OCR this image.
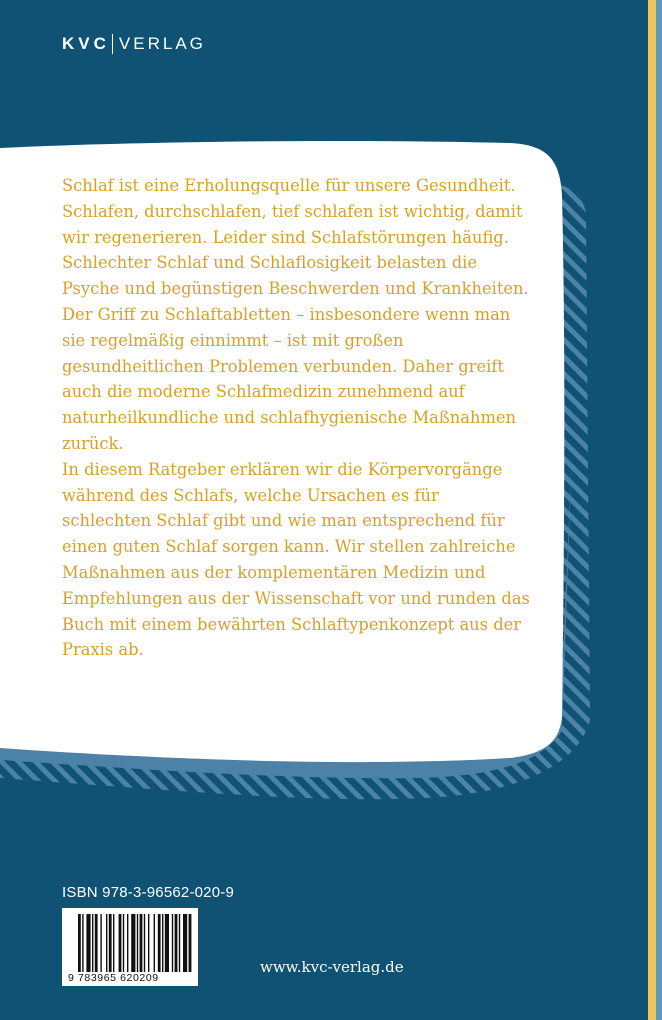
KVC VERLAG

Schlaf ist eine Erholungsquelle für unsere Gesundheit. Schlafen, durchschlafen, tief schlafen ist wichtig, damit wir regenerieren. Leider sind Schlafstörungen häufig. Schlechter Schlaf und Schlaflosigkeit belasten die Psyche und begünstigen Beschwerden und Krankheiten. Der Griff zu Schlaftabletten – insbesondere wenn man sie regelmäßig einnimmt – ist mit großen gesundheitlichen Problemen verbunden. Daher greift auch die moderne Schlafmedizin zunehmend auf naturheilkundliche und schlafhygienische Maßnahmen zurück.

In diesem Ratgeber erklären wir die Körpervorgänge während des Schlafs, welche Ursachen es für schlechten Schlaf gibt und wie man entsprechend für einen guten Schlaf sorgen kann. Wir stellen zahlreiche Maßnahmen aus der komplementären Medizin und Empfehlungen aus der Wissenschaft vor und runden das Buch mit einem bewährten Schlaftypenkonzept aus der Praxis ab.

ISBN 978-3-96562-020-9
9 783965 620209
www.kvc-verlag.de
